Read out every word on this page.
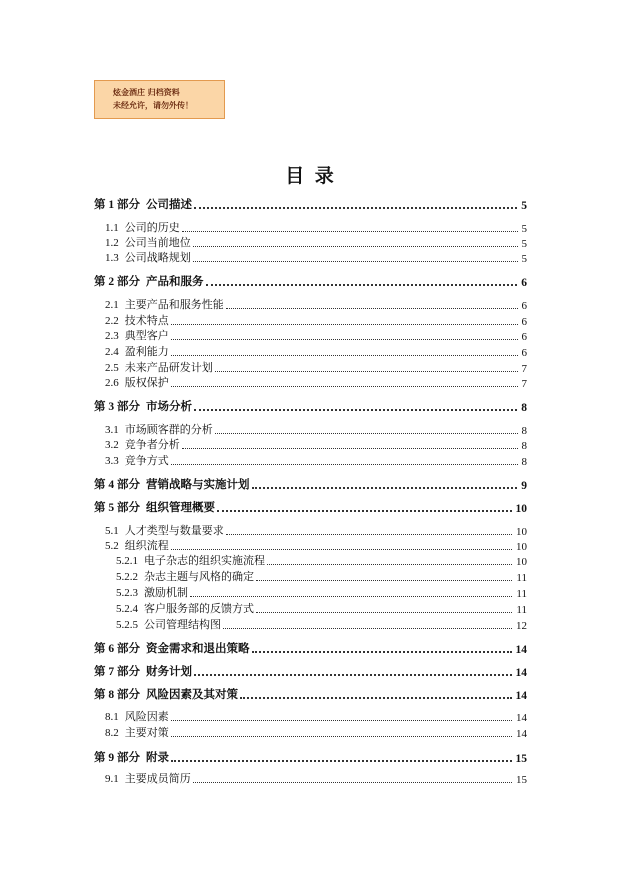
炫金酒庄 归档资料
未经允许，请勿外传！
目 录
第 1 部分 公司描述	5
1.1 公司的历史	5
1.2 公司当前地位	5
1.3 公司战略规划	5
第 2 部分 产品和服务	6
2.1 主要产品和服务性能	6
2.2 技术特点	6
2.3 典型客户	6
2.4 盈利能力	6
2.5 未来产品研发计划	7
2.6 版权保护	7
第 3 部分 市场分析	8
3.1 市场顾客群的分析	8
3.2 竞争者分析	8
3.3 竞争方式	8
第 4 部分 营销战略与实施计划	9
第 5 部分 组织管理概要	10
5.1 人才类型与数量要求	10
5.2 组织流程	10
5.2.1 电子杂志的组织实施流程	10
5.2.2 杂志主题与风格的确定	11
5.2.3 激励机制	11
5.2.4 客户服务部的反馈方式	11
5.2.5 公司管理结构图	12
第 6 部分 资金需求和退出策略	14
第 7 部分 财务计划	14
第 8 部分 风险因素及其对策	14
8.1 风险因素	14
8.2 主要对策	14
第 9 部分 附录	15
9.1 主要成员简历	15
